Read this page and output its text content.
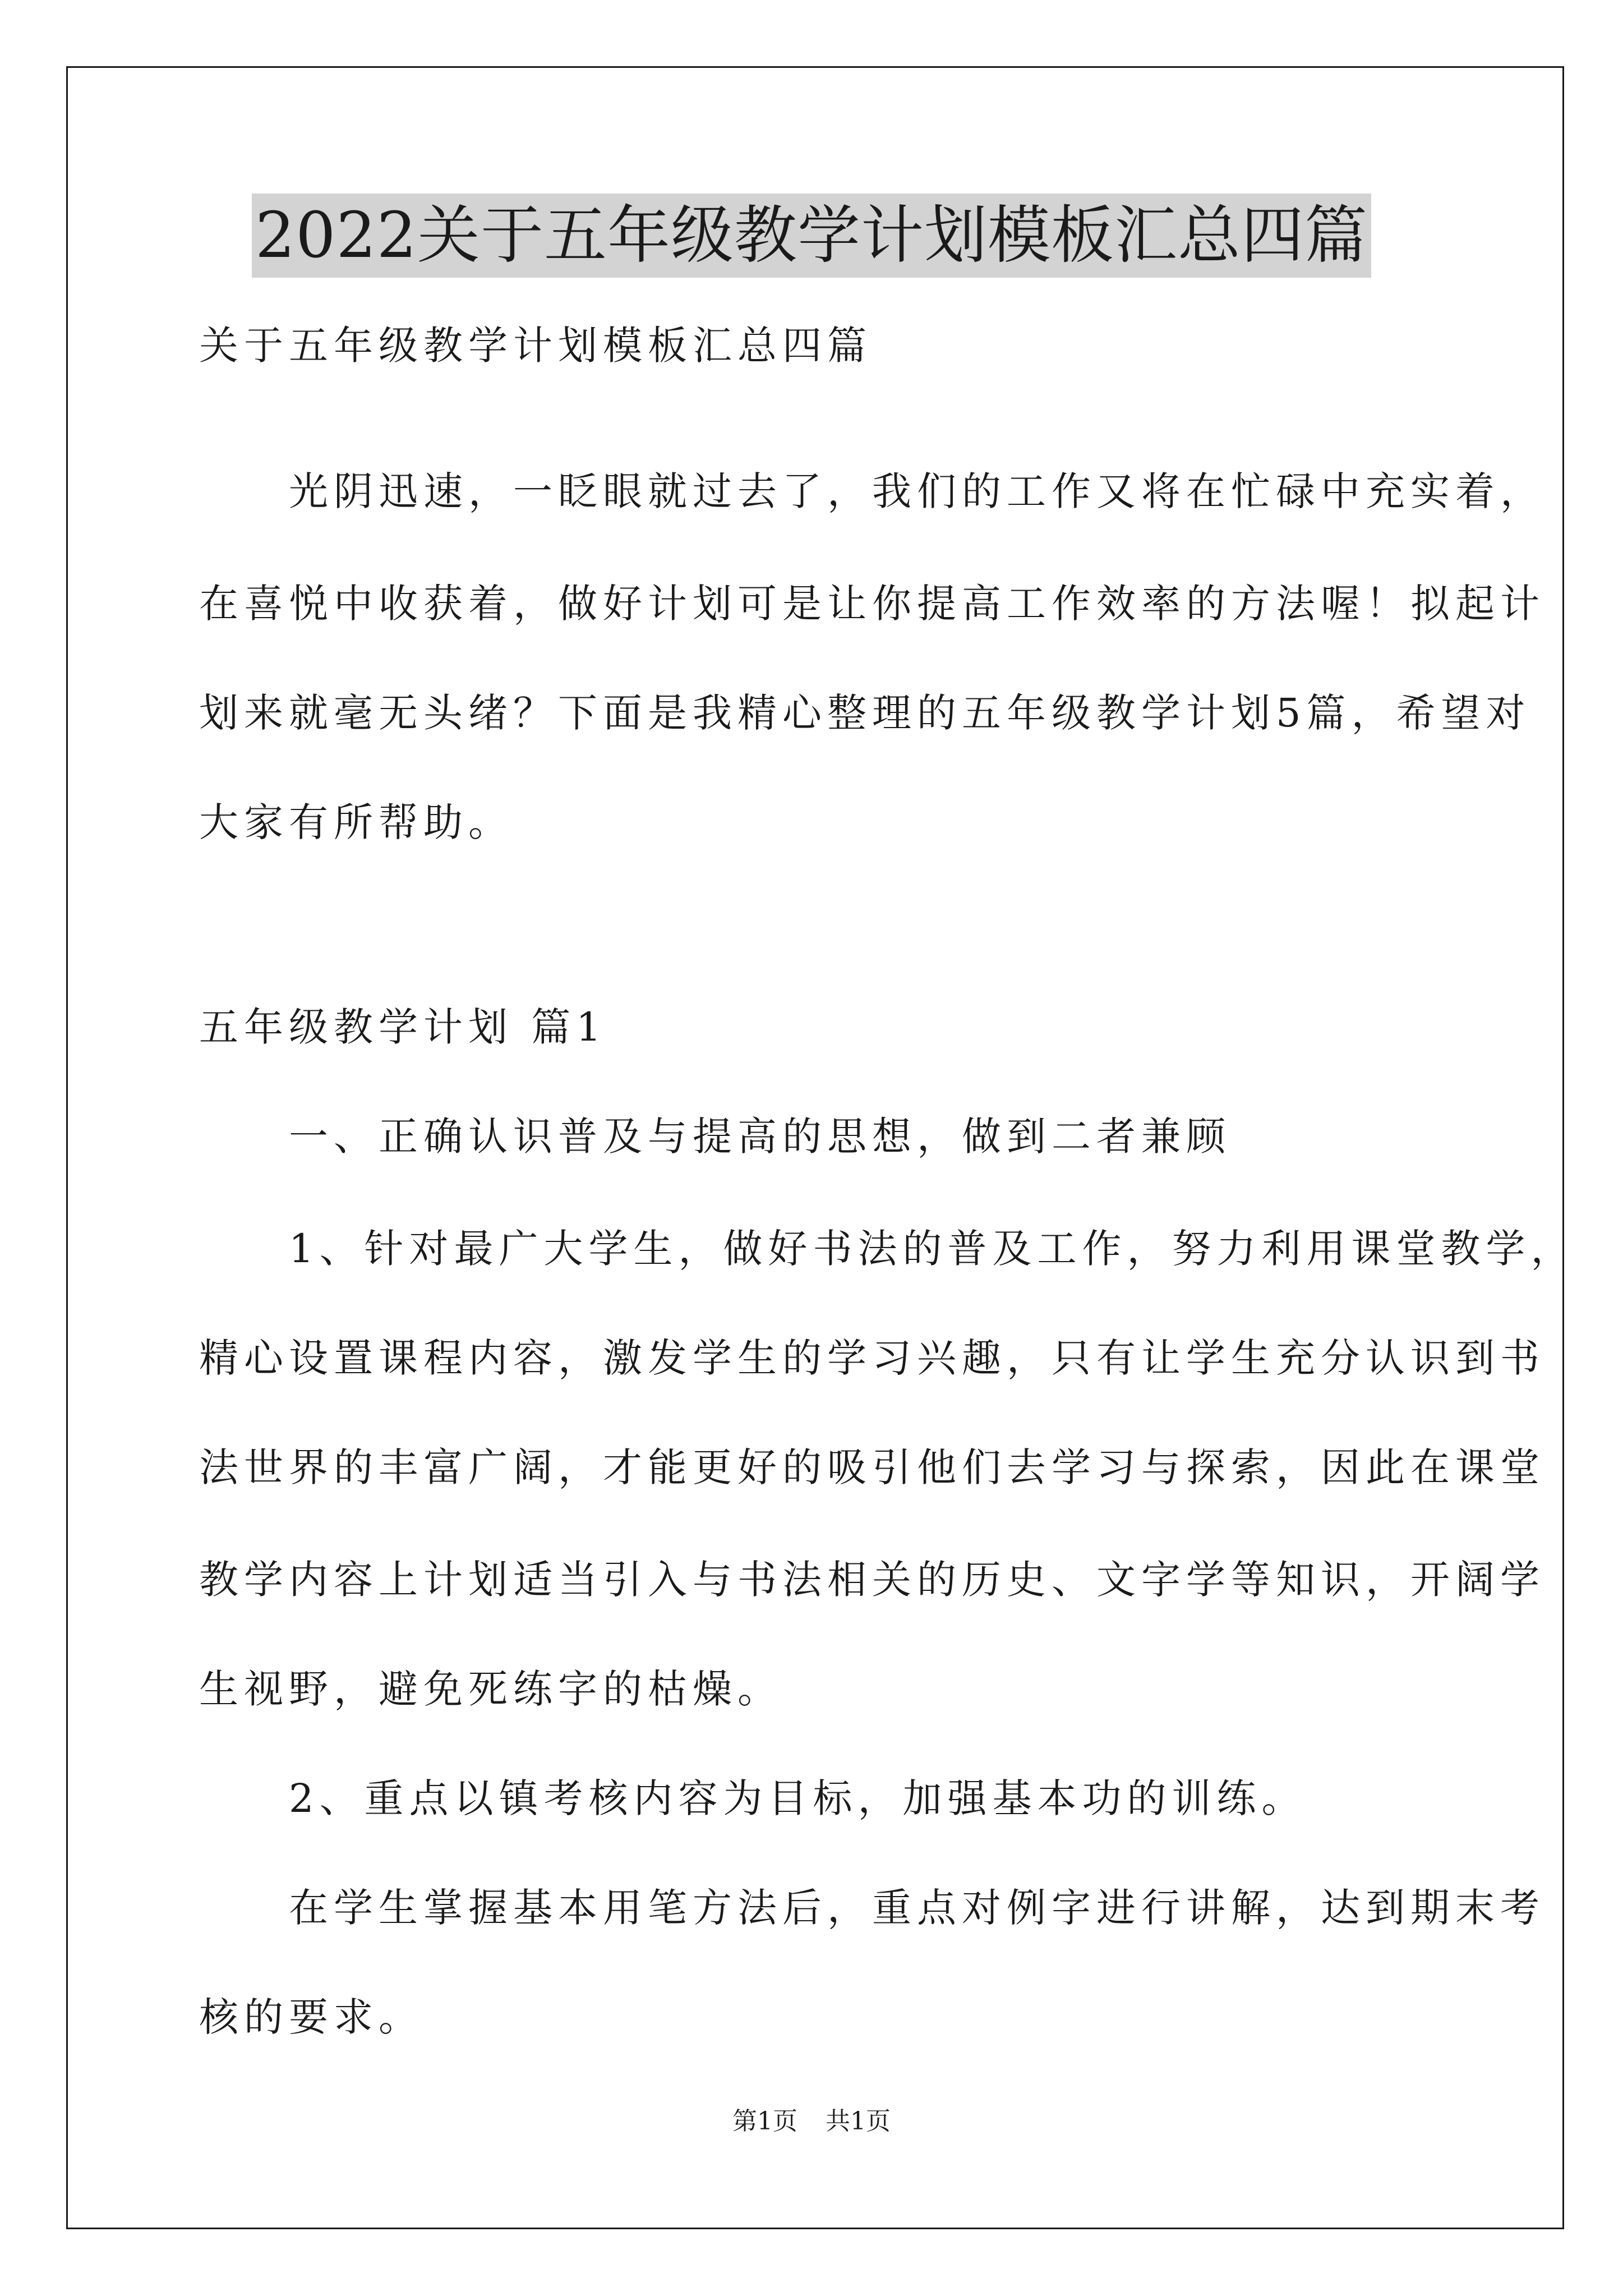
2022关于五年级教学计划模板汇总四篇
关于五年级教学计划模板汇总四篇
　　光阴迅速，一眨眼就过去了，我们的工作又将在忙碌中充实着，
在喜悦中收获着，做好计划可是让你提高工作效率的方法喔！拟起计
划来就毫无头绪？下面是我精心整理的五年级教学计划5篇，希望对
大家有所帮助。
五年级教学计划 篇1
　　一、正确认识普及与提高的思想，做到二者兼顾
　　1、针对最广大学生，做好书法的普及工作，努力利用课堂教学，
精心设置课程内容，激发学生的学习兴趣，只有让学生充分认识到书
法世界的丰富广阔，才能更好的吸引他们去学习与探索，因此在课堂
教学内容上计划适当引入与书法相关的历史、文字学等知识，开阔学
生视野，避免死练字的枯燥。
　　2、重点以镇考核内容为目标，加强基本功的训练。
　　在学生掌握基本用笔方法后，重点对例字进行讲解，达到期末考
核的要求。
第1页 共1页
